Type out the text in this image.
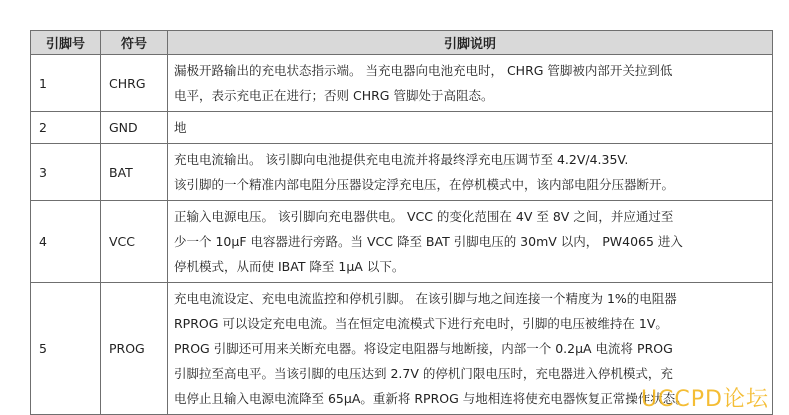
引脚号	符号	引脚说明
1	CHRG	漏极开路输出的充电状态指示端。 当充电器向电池充电时， CHRG 管脚被内部开关拉到低
电平，表示充电正在进行；否则 CHRG 管脚处于高阻态。

2	GND	地

3	BAT	充电电流输出。 该引脚向电池提供充电电流并将最终浮充电压调节至 4.2V/4.35V.
该引脚的一个精准内部电阻分压器设定浮充电压，在停机模式中，该内部电阻分压器断开。

4	VCC	正输入电源电压。 该引脚向充电器供电。 VCC 的变化范围在 4V 至 8V 之间，并应通过至
少一个 10μF 电容器进行旁路。当 VCC 降至 BAT 引脚电压的 30mV 以内， PW4065 进入
停机模式，从而使 IBAT 降至 1μA 以下。

5	PROG	充电电流设定、充电电流监控和停机引脚。 在该引脚与地之间连接一个精度为 1%的电阻器
RPROG 可以设定充电电流。当在恒定电流模式下进行充电时，引脚的电压被维持在 1V。
PROG 引脚还可用来关断充电器。将设定电阻器与地断接，内部一个 0.2μA 电流将 PROG
引脚拉至高电平。当该引脚的电压达到 2.7V 的停机门限电压时，充电器进入停机模式，充
电停止且输入电源电流降至 65μA。重新将 RPROG 与地相连将使充电器恢复正常操作状态。
UCCPD论坛
